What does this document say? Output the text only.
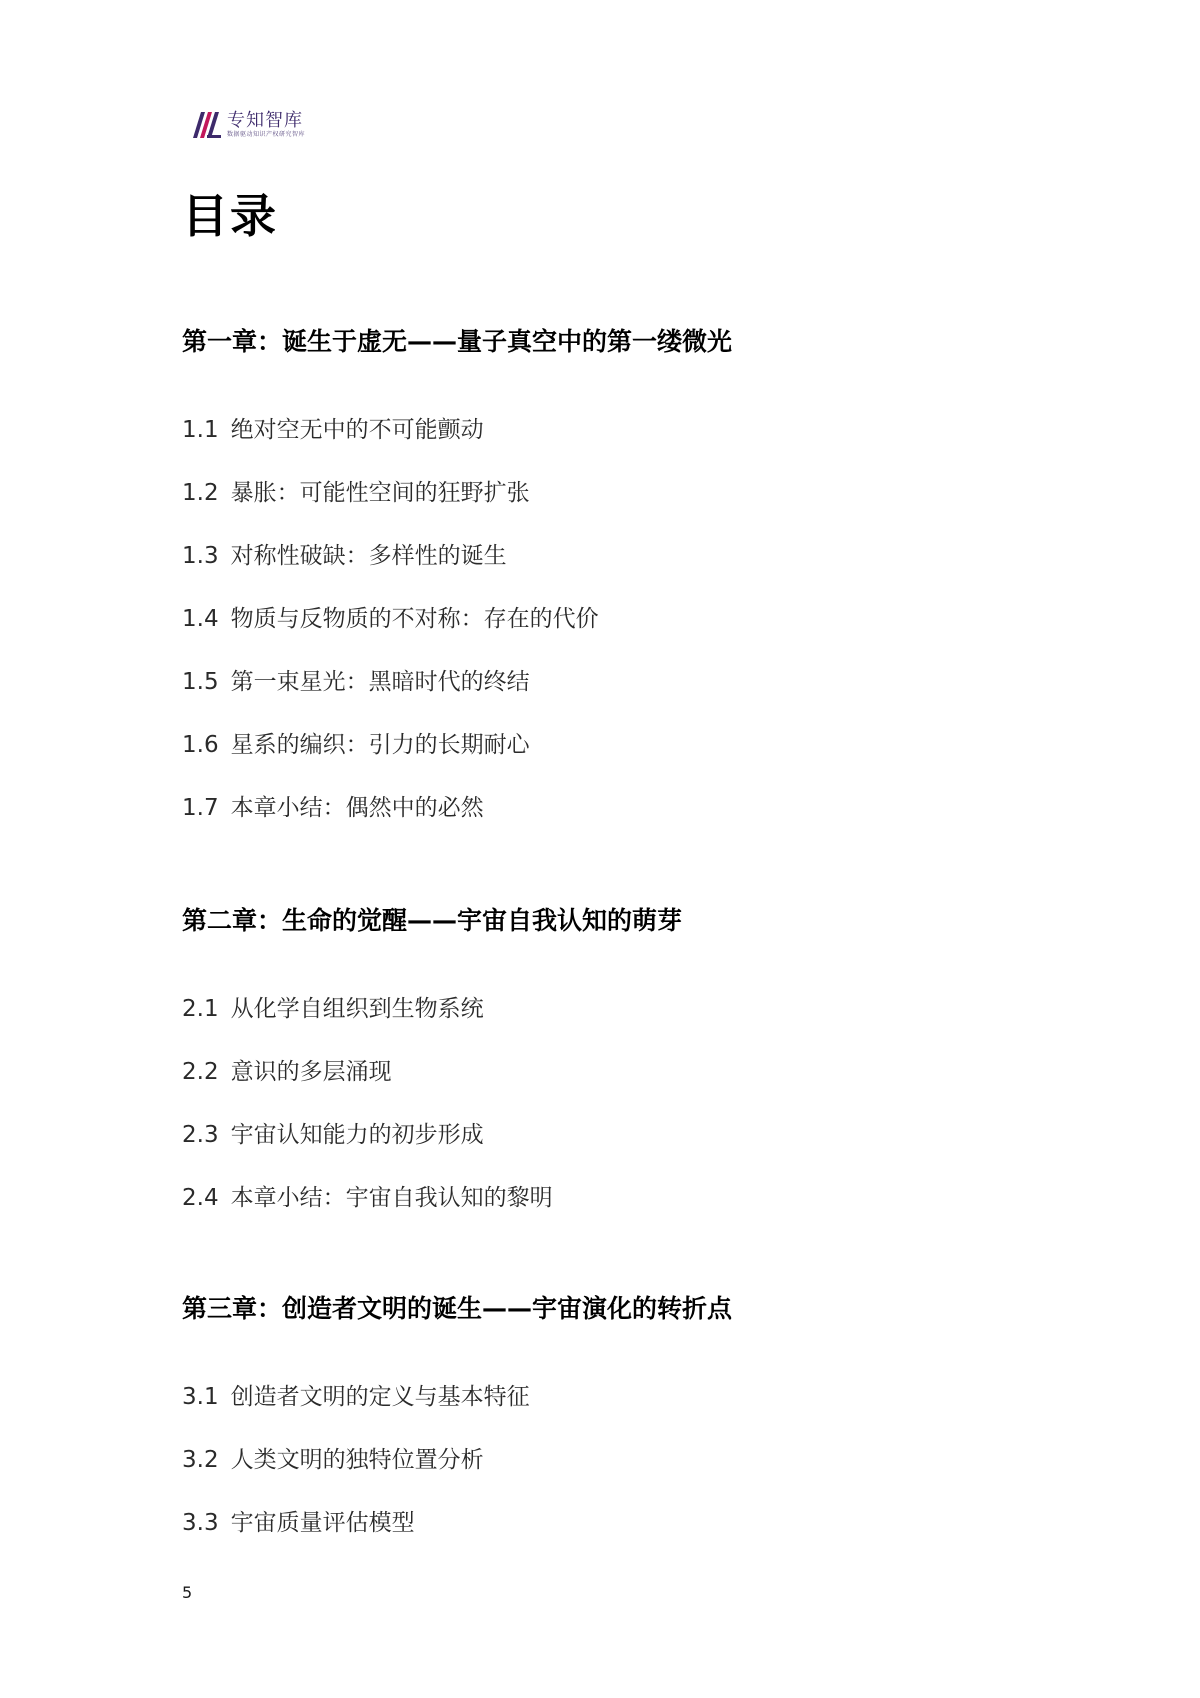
专知智库
数据驱动知识产权研究智库
目录
第一章：诞生于虚无——量子真空中的第一缕微光
1.1 绝对空无中的不可能颤动
1.2 暴胀：可能性空间的狂野扩张
1.3 对称性破缺：多样性的诞生
1.4 物质与反物质的不对称：存在的代价
1.5 第一束星光：黑暗时代的终结
1.6 星系的编织：引力的长期耐心
1.7 本章小结：偶然中的必然
第二章：生命的觉醒——宇宙自我认知的萌芽
2.1 从化学自组织到生物系统
2.2 意识的多层涌现
2.3 宇宙认知能力的初步形成
2.4 本章小结：宇宙自我认知的黎明
第三章：创造者文明的诞生——宇宙演化的转折点
3.1 创造者文明的定义与基本特征
3.2 人类文明的独特位置分析
3.3 宇宙质量评估模型
5
